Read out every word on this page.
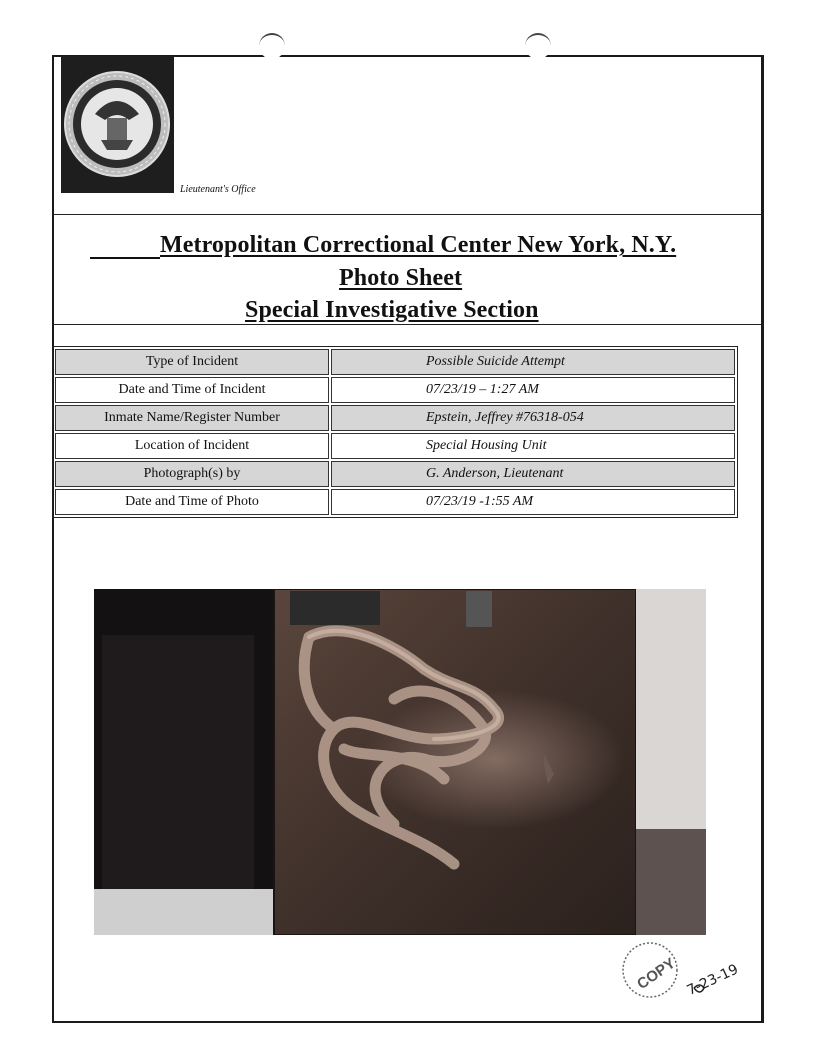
Lieutenant's Office
Metropolitan Correctional Center New York, N.Y.
Photo Sheet
Special Investigative Section
Type of Incident	Possible Suicide Attempt
Date and Time of Incident	07/23/19 – 1:27 AM
Inmate Name/Register Number	Epstein, Jeffrey #76318-054
Location of Incident	Special Housing Unit
Photograph(s) by	G. Anderson, Lieutenant
Date and Time of Photo	07/23/19 -1:55 AM
COPY 7-23-19
